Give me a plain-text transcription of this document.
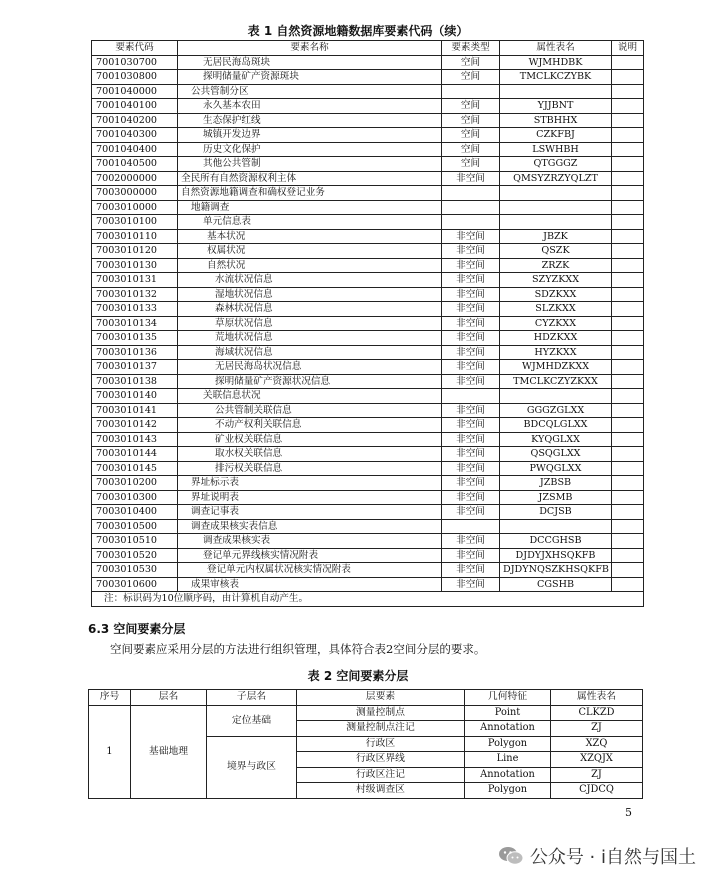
表 1 自然资源地籍数据库要素代码（续）
要素代码	要素名称	要素类型	属性表名	说明
7001030700	无居民海岛斑块	空间	WJMHDBK	
7001030800	探明储量矿产资源斑块	空间	TMCLKCZYBK	
7001040000	公共管制分区			
7001040100	永久基本农田	空间	YJJBNT	
7001040200	生态保护红线	空间	STBHHX	
7001040300	城镇开发边界	空间	CZKFBJ	
7001040400	历史文化保护	空间	LSWHBH	
7001040500	其他公共管制	空间	QTGGGZ	
7002000000	全民所有自然资源权利主体	非空间	QMSYZRZYQLZT	
7003000000	自然资源地籍调查和确权登记业务			
7003010000	地籍调查			
7003010100	单元信息表			
7003010110	基本状况	非空间	JBZK	
7003010120	权属状况	非空间	QSZK	
7003010130	自然状况	非空间	ZRZK	
7003010131	水流状况信息	非空间	SZYZKXX	
7003010132	湿地状况信息	非空间	SDZKXX	
7003010133	森林状况信息	非空间	SLZKXX	
7003010134	草原状况信息	非空间	CYZKXX	
7003010135	荒地状况信息	非空间	HDZKXX	
7003010136	海域状况信息	非空间	HYZKXX	
7003010137	无居民海岛状况信息	非空间	WJMHDZKXX	
7003010138	探明储量矿产资源状况信息	非空间	TMCLKCZYZKXX	
7003010140	关联信息状况			
7003010141	公共管制关联信息	非空间	GGGZGLXX	
7003010142	不动产权利关联信息	非空间	BDCQLGLXX	
7003010143	矿业权关联信息	非空间	KYQGLXX	
7003010144	取水权关联信息	非空间	QSQGLXX	
7003010145	排污权关联信息	非空间	PWQGLXX	
7003010200	界址标示表	非空间	JZBSB	
7003010300	界址说明表	非空间	JZSMB	
7003010400	调查记事表	非空间	DCJSB	
7003010500	调查成果核实表信息			
7003010510	调查成果核实表	非空间	DCCGHSB	
7003010520	登记单元界线核实情况附表	非空间	DJDYJXHSQKFB	
7003010530	登记单元内权属状况核实情况附表	非空间	DJDYNQSZKHSQKFB	
7003010600	成果审核表	非空间	CGSHB	
注：标识码为10位顺序码，由计算机自动产生。				
6.3 空间要素分层
空间要素应采用分层的方法进行组织管理，具体符合表2空间分层的要求。
表 2 空间要素分层
序号	层名	子层名	层要素	几何特征	属性表名
1	基础地理	定位基础	测量控制点	Point	CLKZD
			测量控制点注记	Annotation	ZJ
		境界与政区	行政区	Polygon	XZQ
			行政区界线	Line	XZQJX
			行政区注记	Annotation	ZJ
			村级调查区	Polygon	CJDCQ
5
公众号 · i自然与国土
